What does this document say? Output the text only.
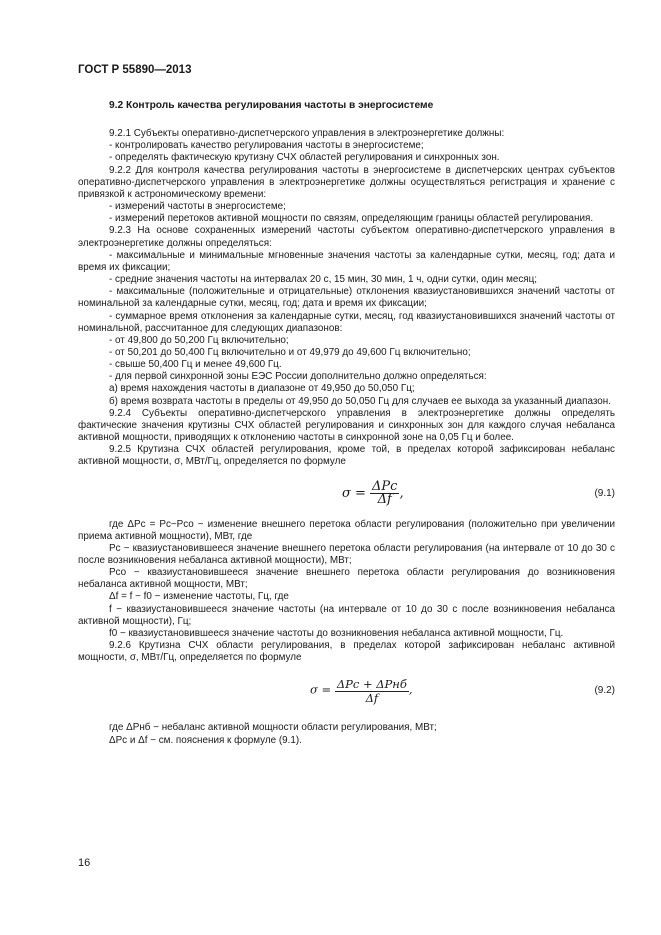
ГОСТ Р 55890—2013

9.2 Контроль качества регулирования частоты в энергосистеме

9.2.1 Субъекты оперативно-диспетчерского управления в электроэнергетике должны:

- контролировать качество регулирования частоты в энергосистеме;

- определять фактическую крутизну СЧХ областей регулирования и синхронных зон.

9.2.2 Для контроля качества регулирования частоты в энергосистеме в диспетчерских центрах субъектов оперативно-диспетчерского управления в электроэнергетике должны осуществляться регистрация и хранение с привязкой к астрономическому времени:

- измерений частоты в энергосистеме;

- измерений перетоков активной мощности по связям, определяющим границы областей регулирования.

9.2.3 На основе сохраненных измерений частоты субъектом оперативно-диспетчерского управления в электроэнергетике должны определяться:

- максимальные и минимальные мгновенные значения частоты за календарные сутки, месяц, год; дата и время их фиксации;

- средние значения частоты на интервалах 20 с, 15 мин, 30 мин, 1 ч, одни сутки, один месяц;

- максимальные (положительные и отрицательные) отклонения квазиустановившихся значений частоты от номинальной за календарные сутки, месяц, год; дата и время их фиксации;

- суммарное время отклонения за календарные сутки, месяц, год квазиустановившихся значений частоты от номинальной, рассчитанное для следующих диапазонов:

- от 49,800 до 50,200 Гц включительно;

- от 50,201 до 50,400 Гц включительно и от 49,979 до 49,600 Гц включительно;

- свыше 50,400 Гц и менее 49,600 Гц.

- для первой синхронной зоны ЕЭС России дополнительно должно определяться:

а) время нахождения частоты в диапазоне от 49,950 до 50,050 Гц;

б) время возврата частоты в пределы от 49,950 до 50,050 Гц для случаев ее выхода за указанный диапазон.

9.2.4 Субъекты оперативно-диспетчерского управления в электроэнергетике должны определять фактические значения крутизны СЧХ областей регулирования и синхронных зон для каждого случая небаланса активной мощности, приводящих к отклонению частоты в синхронной зоне на 0,05 Гц и более.

9.2.5 Крутизна СЧХ областей регулирования, кроме той, в пределах которой зафиксирован небаланс активной мощности, σ, МВт/Гц, определяется по формуле

$\sigma = \frac{\text{ΔPc}}{\Delta f}$ ,	(9.1)

где ΔPс = Pс−Pсо − изменение внешнего перетока области регулирования (положительно при увеличении приема активной мощности), МВт, где

Pс − квазиустановившееся значение внешнего перетока области регулирования (на интервале от 10 до 30 с после возникновения небаланса активной мощности), МВт;

Pсо − квазиустановившееся значение внешнего перетока области регулирования до возникновения небаланса активной мощности, МВт;

Δf = f − f0 − изменение частоты, Гц, где

f − квазиустановившееся значение частоты (на интервале от 10 до 30 с после возникновения небаланса активной мощности), Гц;

f0 − квазиустановившееся значение частоты до возникновения небаланса активной мощности, Гц.

9.2.6 Крутизна СЧХ области регулирования, в пределах которой зафиксирован небаланс активной мощности, σ, МВт/Гц, определяется по формуле

$\sigma = \frac{\text{ΔPc + ΔPнб}}{\Delta f}$ ,	(9.2)

где ΔPнб − небаланс активной мощности области регулирования, МВт;

ΔPс и Δf − см. пояснения к формуле (9.1).

16
